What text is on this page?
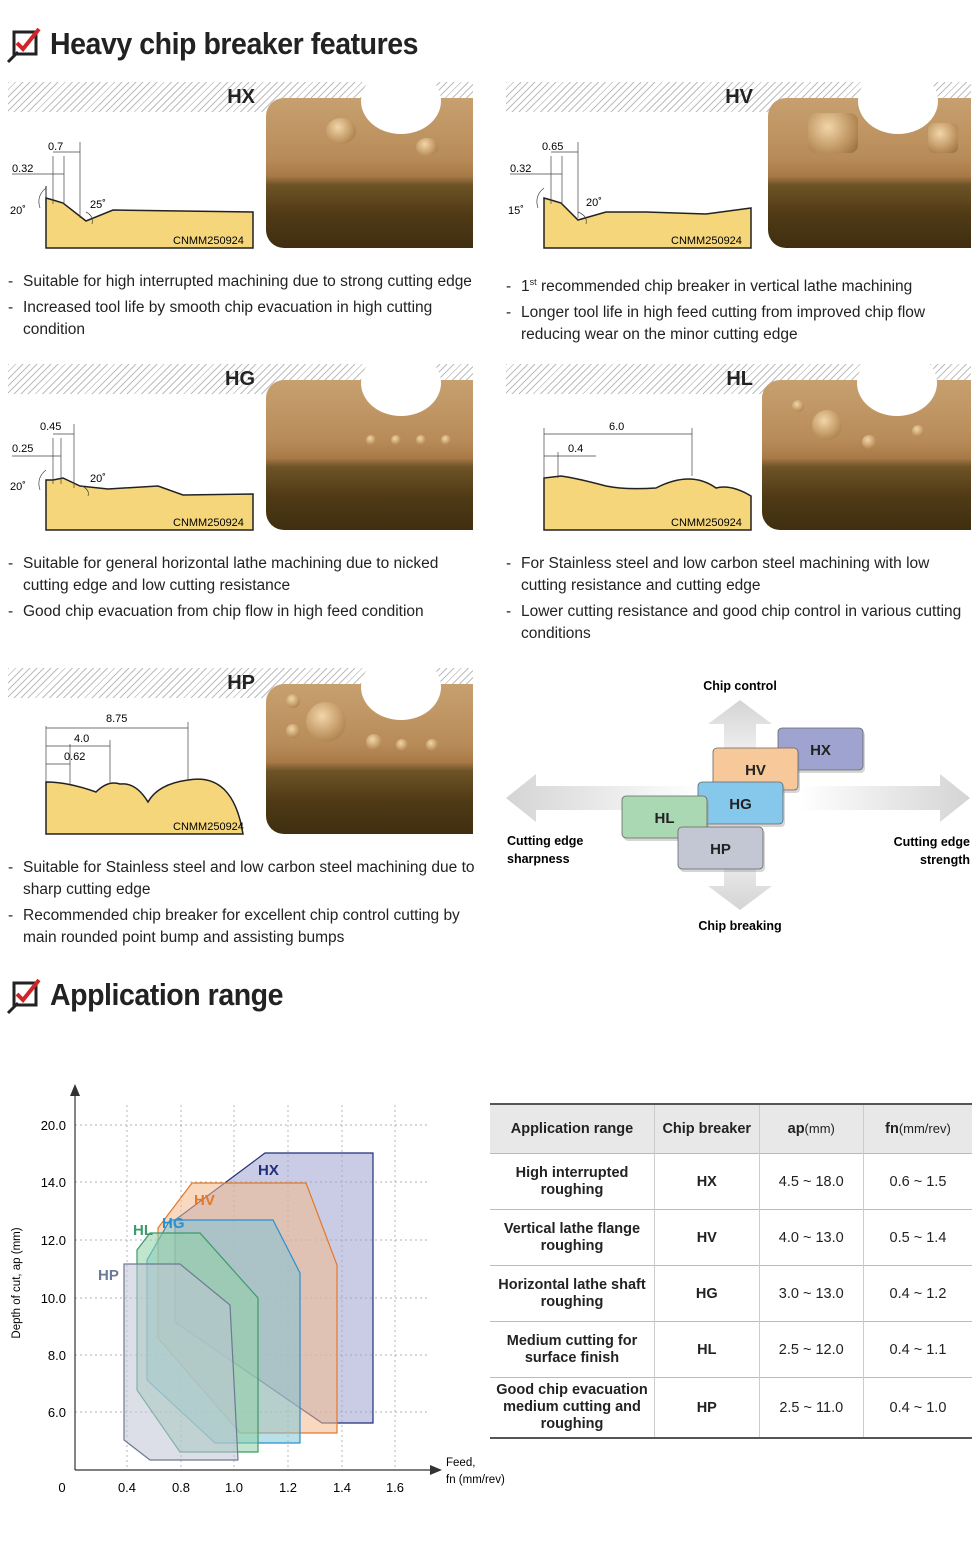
Heavy chip breaker features
HX
0.7
0.32
20˚	25˚
CNMM250924
- Suitable for high interrupted machining due to strong cutting edge
- Increased tool life by smooth chip evacuation in high cutting condition
HV
0.65
0.32
15˚
20˚
CNMM250924
- 1st recommended chip breaker in vertical lathe machining
- Longer tool life in high feed cutting from improved chip flow reducing wear on the minor cutting edge
HG
0.45
0.25
20˚
20˚
CNMM250924
- Suitable for general horizontal lathe machining due to nicked cutting edge and low cutting resistance
- Good chip evacuation from chip flow in high feed condition
HL
6.0
0.4
CNMM250924
- For Stainless steel and low carbon steel machining with low cutting resistance and cutting edge
- Lower cutting resistance and good chip control in various cutting conditions
HP
8.75
4.0
0.62
CNMM250924
- Suitable for Stainless steel and low carbon steel machining due to sharp cutting edge
- Recommended chip breaker for excellent chip control cutting by main rounded point bump and assisting bumps
Chip control
Chip breaking
Cutting edge
sharpness
Cutting edge
strength
HX
HV
HG
HL
HP
Application range
HX
HV
HG
HL
HP
0	0.4	0.8	1.0	1.2	1.4	1.6
6.0
8.0
10.0
12.0
14.0
20.0
Depth of cut, ap (mm)
Feed, fn (mm/rev)
Application range	Chip breaker	ap(mm)	fn(mm/rev)
High interrupted roughing	HX	4.5 ~ 18.0	0.6 ~ 1.5
Vertical lathe flange roughing	HV	4.0 ~ 13.0	0.5 ~ 1.4
Horizontal lathe shaft roughing	HG	3.0 ~ 13.0	0.4 ~ 1.2
Medium cutting for surface finish	HL	2.5 ~ 12.0	0.4 ~ 1.1
Good chip evacuation medium cutting and roughing	HP	2.5 ~ 11.0	0.4 ~ 1.0
